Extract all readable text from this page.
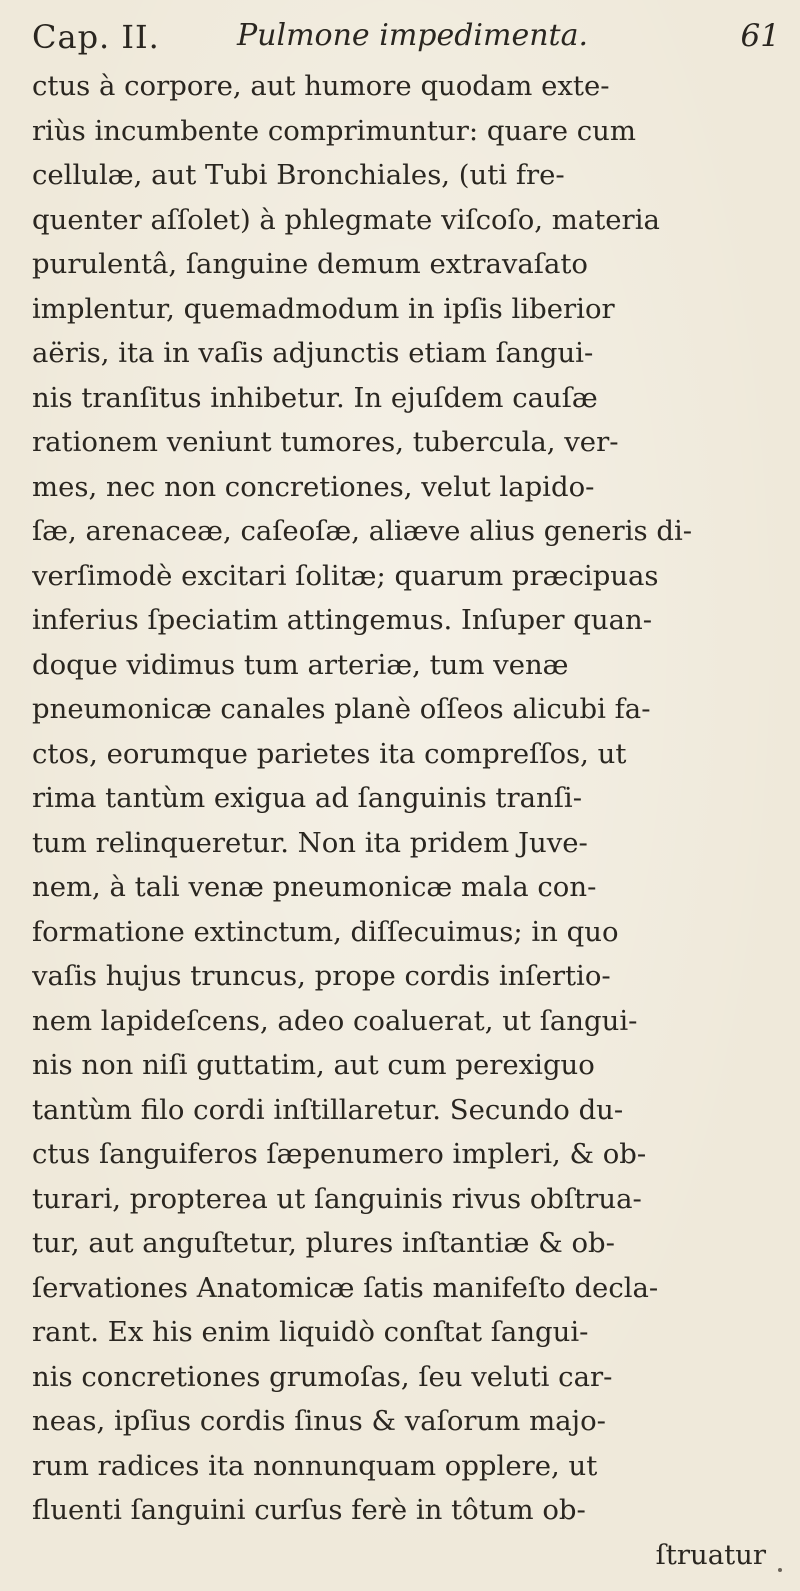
Cap. II.	Pulmone impedimenta.	61
ctus à corpore, aut humore quodam exte-
riùs incumbente comprimuntur: quare cum
cellulæ, aut Tubi Bronchiales, (uti fre-
quenter aſſolet) à phlegmate viſcoſo, materia
purulentâ, ſanguine demum extravaſato
implentur, quemadmodum in ipſis liberior
aëris, ita in vaſis adjunctis etiam ſangui-
nis tranſitus inhibetur. In ejuſdem cauſæ
rationem veniunt tumores, tubercula, ver-
mes, nec non concretiones, velut lapido-
ſæ, arenaceæ, caſeoſæ, aliæve alius generis di-
verſimodè excitari ſolitæ; quarum præcipuas
inferius ſpeciatim attingemus. Inſuper quan-
doque vidimus tum arteriæ, tum venæ
pneumonicæ canales planè oſſeos alicubi fa-
ctos, eorumque parietes ita compreſſos, ut
rima tantùm exigua ad ſanguinis tranſi-
tum relinqueretur. Non ita pridem Juve-
nem, à tali venæ pneumonicæ mala con-
formatione extinctum, diſſecuimus; in quo
vaſis hujus truncus, prope cordis inſertio-
nem lapideſcens, adeo coaluerat, ut ſangui-
nis non niſi guttatim, aut cum perexiguo
tantùm filo cordi inſtillaretur. Secundo du-
ctus ſanguiferos ſæpenumero impleri, & ob-
turari, propterea ut ſanguinis rivus obſtrua-
tur, aut anguſtetur, plures inſtantiæ & ob-
ſervationes Anatomicæ ſatis manifeſto decla-
rant. Ex his enim liquidò conſtat ſangui-
nis concretiones grumoſas, ſeu veluti car-
neas, ipſius cordis ſinus & vaſorum majo-
rum radices ita nonnunquam opplere, ut
fluenti ſanguini curſus ferè in tôtum ob-
ſtruatur
